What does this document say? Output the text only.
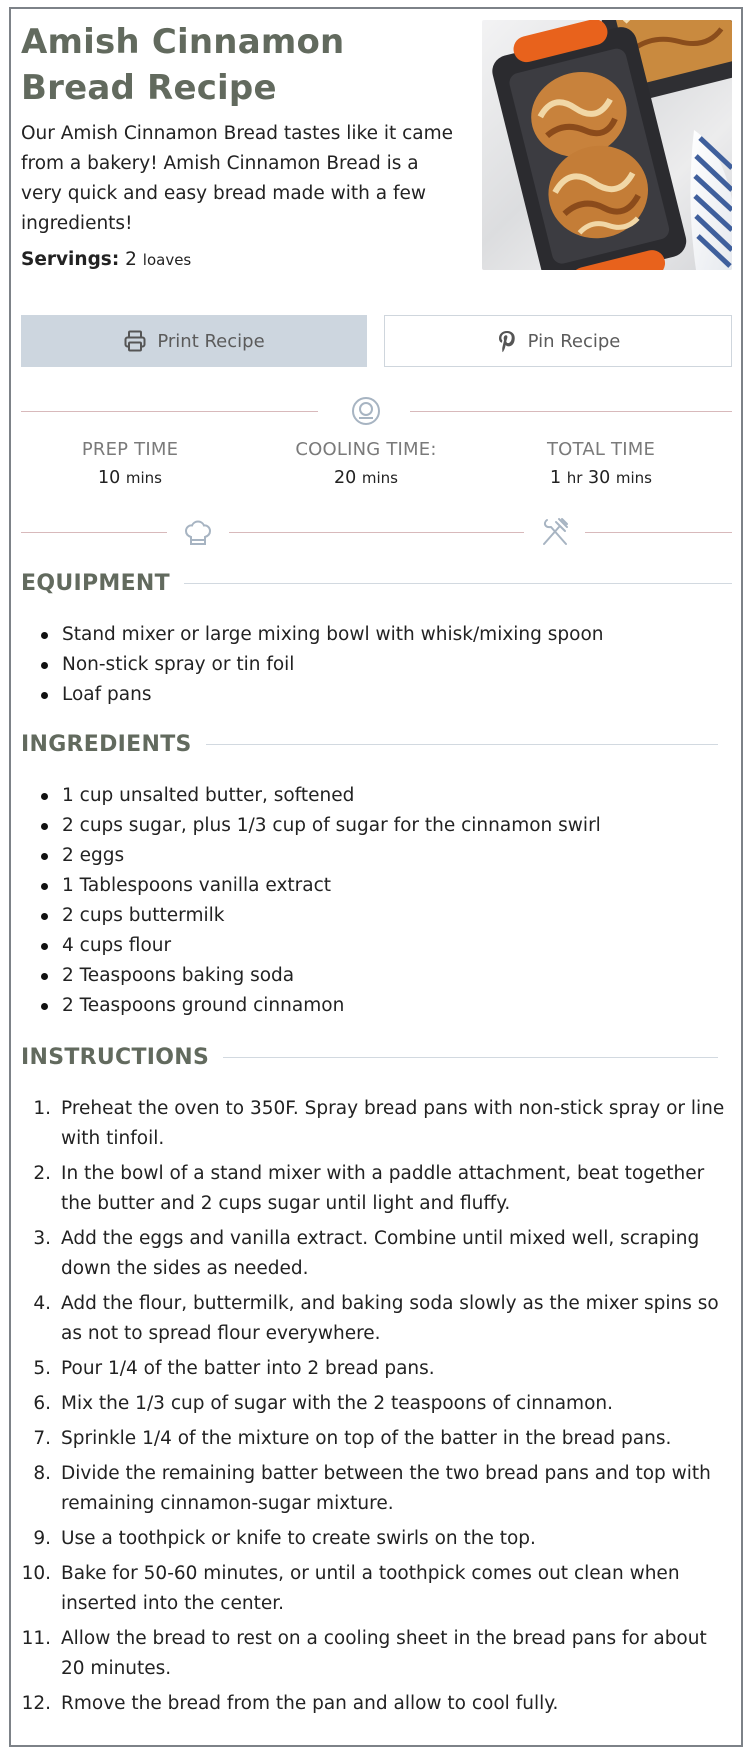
Amish Cinnamon Bread Recipe

Our Amish Cinnamon Bread tastes like it came from a bakery! Amish Cinnamon Bread is a very quick and easy bread made with a few ingredients!

Servings: 2 loaves
Print Recipe	Pin Recipe
PREP TIME
10 mins
COOLING TIME:
20 mins
TOTAL TIME
1 hr 30 mins
EQUIPMENT
Stand mixer or large mixing bowl with whisk/mixing spoon
Non-stick spray or tin foil
Loaf pans
INGREDIENTS
1 cup unsalted butter, softened
2 cups sugar, plus 1/3 cup of sugar for the cinnamon swirl
2 eggs
1 Tablespoons vanilla extract
2 cups buttermilk
4 cups flour
2 Teaspoons baking soda
2 Teaspoons ground cinnamon
INSTRUCTIONS
1. Preheat the oven to 350F. Spray bread pans with non-stick spray or line with tinfoil.
2. In the bowl of a stand mixer with a paddle attachment, beat together the butter and 2 cups sugar until light and fluffy.
3. Add the eggs and vanilla extract. Combine until mixed well, scraping down the sides as needed.
4. Add the flour, buttermilk, and baking soda slowly as the mixer spins so as not to spread flour everywhere.
5. Pour 1/4 of the batter into 2 bread pans.
6. Mix the 1/3 cup of sugar with the 2 teaspoons of cinnamon.
7. Sprinkle 1/4 of the mixture on top of the batter in the bread pans.
8. Divide the remaining batter between the two bread pans and top with remaining cinnamon-sugar mixture.
9. Use a toothpick or knife to create swirls on the top.
10. Bake for 50-60 minutes, or until a toothpick comes out clean when inserted into the center.
11. Allow the bread to rest on a cooling sheet in the bread pans for about 20 minutes.
12. Rmove the bread from the pan and allow to cool fully.
